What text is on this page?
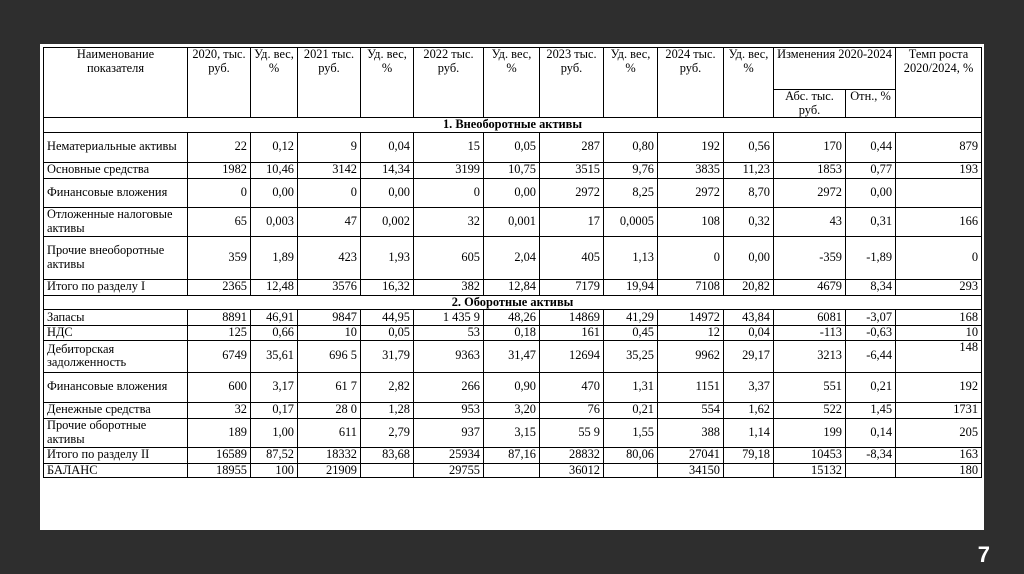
Наименование показателя	2020, тыс. руб.	Уд. вес, %	2021 тыс. руб.	Уд. вес, %	2022 тыс. руб.	Уд. вес, %	2023 тыс. руб.	Уд. вес, %	2024 тыс. руб.	Уд. вес, %	Изменения 2020-2024		Темп роста 2020/2024, %
											Абс. тыс. руб.	Отн., %	
1. Внеоборотные активы													
Нематериальные активы	22	0,12	9	0,04	15	0,05	287	0,80	192	0,56	170	0,44	879
Основные средства	1982	10,46	3142	14,34	3199	10,75	3515	9,76	3835	11,23	1853	0,77	193
Финансовые вложения	0	0,00	0	0,00	0	0,00	2972	8,25	2972	8,70	2972	0,00	
Отложенные налоговые активы	65	0,003	47	0,002	32	0,001	17	0,0005	108	0,32	43	0,31	166
Прочие внеоборотные активы	359	1,89	423	1,93	605	2,04	405	1,13	0	0,00	-359	-1,89	0
Итого по разделу I	2365	12,48	3576	16,32	382	12,84	7179	19,94	7108	20,82	4679	8,34	293
2. Оборотные активы													
Запасы	8891	46,91	9847	44,95	1 435 9	48,26	14869	41,29	14972	43,84	6081	-3,07	168
НДС	125	0,66	10	0,05	53	0,18	161	0,45	12	0,04	-113	-0,63	10
Дебиторская задолженность	6749	35,61	696 5	31,79	9363	31,47	12694	35,25	9962	29,17	3213	-6,44	148
Финансовые вложения	600	3,17	61 7	2,82	266	0,90	470	1,31	1151	3,37	551	0,21	192
Денежные средства	32	0,17	28 0	1,28	953	3,20	76	0,21	554	1,62	522	1,45	1731
Прочие оборотные активы	189	1,00	611	2,79	937	3,15	55 9	1,55	388	1,14	199	0,14	205
Итого по разделу II	16589	87,52	18332	83,68	25934	87,16	28832	80,06	27041	79,18	10453	-8,34	163
БАЛАНС	18955	100	21909		29755		36012		34150		15132		180
7
